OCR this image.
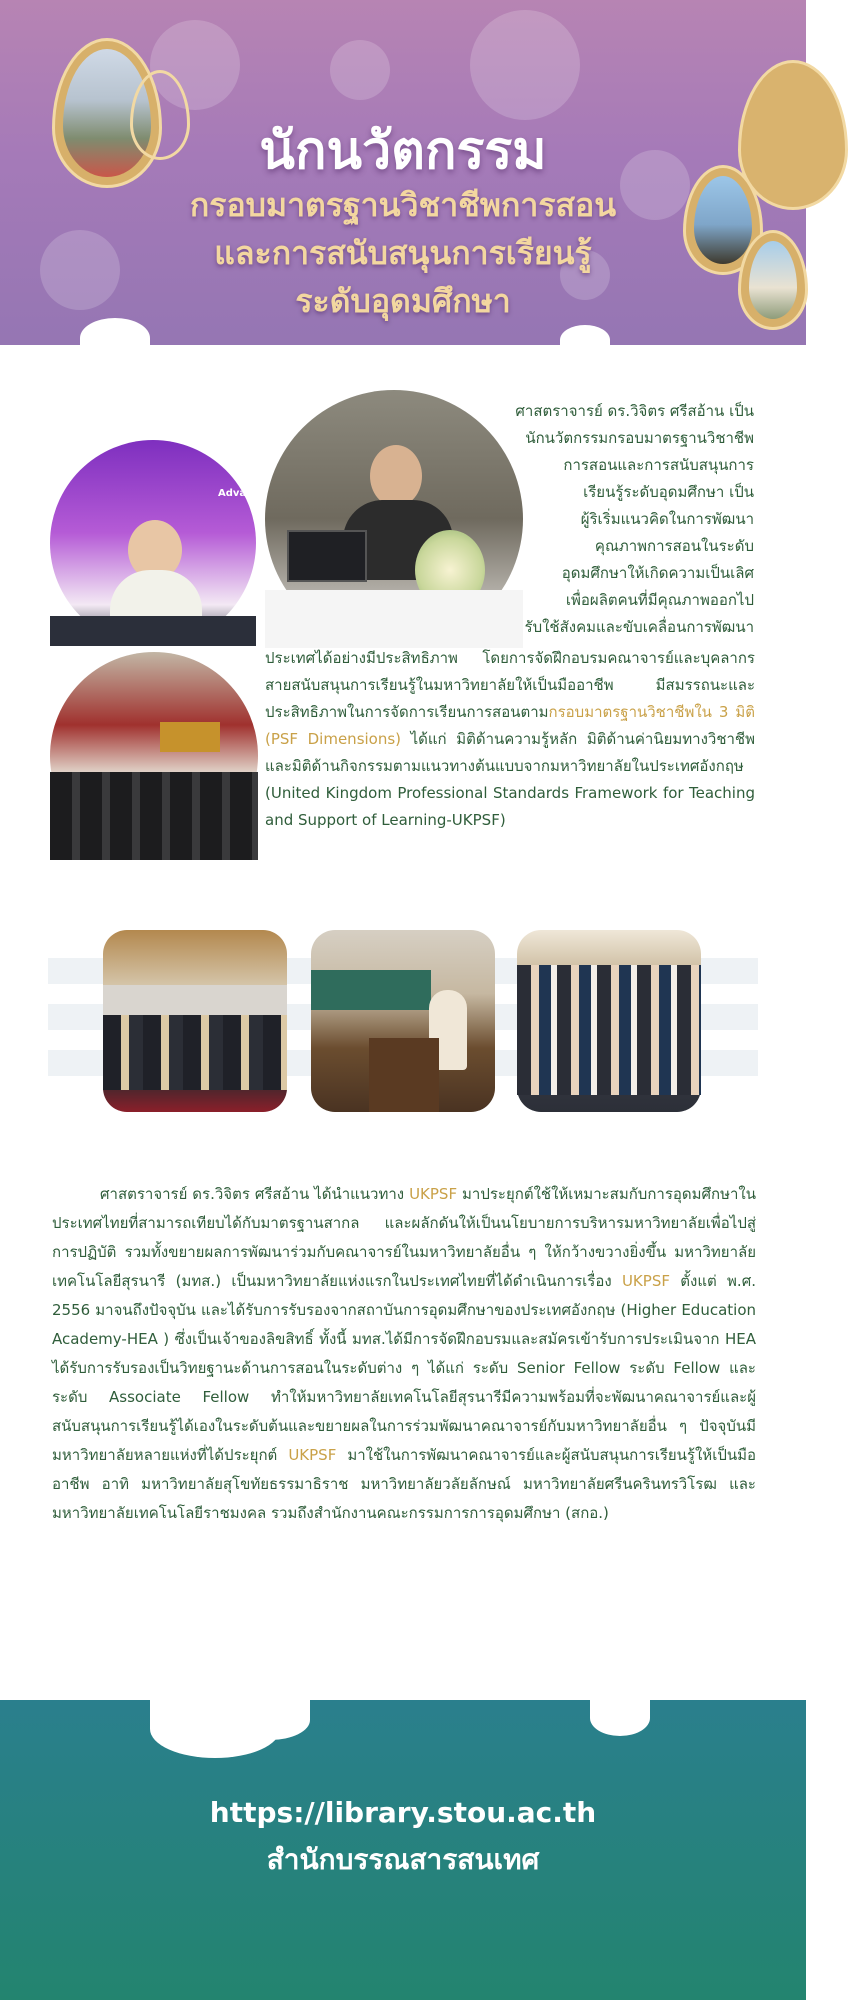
นักนวัตกรรม
กรอบมาตรฐานวิชาชีพการสอน
และการสนับสนุนการเรียนรู้
ระดับอุดมศึกษา
Advance
ศาสตราจารย์ ดร.วิจิตร ศรีสอ้าน เป็น
นักนวัตกรรมกรอบมาตรฐานวิชาชีพ
การสอนและการสนับสนุนการ
เรียนรู้ระดับอุดมศึกษา เป็น
ผู้ริเริ่มแนวคิดในการพัฒนา
คุณภาพการสอนในระดับ
อุดมศึกษาให้เกิดความเป็นเลิศ
เพื่อผลิตคนที่มีคุณภาพออกไป
รับใช้สังคมและขับเคลื่อนการพัฒนา
ประเทศได้อย่างมีประสิทธิภาพ โดยการจัดฝึกอบรมคณาจารย์และบุคลากรสายสนับสนุนการเรียนรู้ในมหาวิทยาลัยให้เป็นมืออาชีพ มีสมรรถนะและประสิทธิภาพในการจัดการเรียนการสอนตามกรอบมาตรฐานวิชาชีพใน 3 มิติ (PSF Dimensions) ได้แก่ มิติด้านความรู้หลัก มิติด้านค่านิยมทางวิชาชีพ และมิติด้านกิจกรรมตามแนวทางต้นแบบจากมหาวิทยาลัยในประเทศอังกฤษ (United Kingdom Professional Standards Framework for Teaching and Support of Learning-UKPSF)
ศาสตราจารย์ ดร.วิจิตร ศรีสอ้าน ได้นำแนวทาง UKPSF มาประยุกต์ใช้ให้เหมาะสมกับการอุดมศึกษาในประเทศไทยที่สามารถเทียบได้กับมาตรฐานสากล และผลักดันให้เป็นนโยบายการบริหารมหาวิทยาลัยเพื่อไปสู่การปฏิบัติ รวมทั้งขยายผลการพัฒนาร่วมกับคณาจารย์ในมหาวิทยาลัยอื่น ๆ ให้กว้างขวางยิ่งขึ้น มหาวิทยาลัยเทคโนโลยีสุรนารี (มทส.) เป็นมหาวิทยาลัยแห่งแรกในประเทศไทยที่ได้ดำเนินการเรื่อง UKPSF ตั้งแต่ พ.ศ. 2556 มาจนถึงปัจจุบัน และได้รับการรับรองจากสถาบันการอุดมศึกษาของประเทศอังกฤษ (Higher Education Academy-HEA ) ซึ่งเป็นเจ้าของลิขสิทธิ์ ทั้งนี้ มทส.ได้มีการจัดฝึกอบรมและสมัครเข้ารับการประเมินจาก HEA ได้รับการรับรองเป็นวิทยฐานะด้านการสอนในระดับต่าง ๆ ได้แก่ ระดับ Senior Fellow ระดับ Fellow และระดับ Associate Fellow ทำให้มหาวิทยาลัยเทคโนโลยีสุรนารีมีความพร้อมที่จะพัฒนาคณาจารย์และผู้สนับสนุนการเรียนรู้ได้เองในระดับต้นและขยายผลในการร่วมพัฒนาคณาจารย์กับมหาวิทยาลัยอื่น ๆ ปัจจุบันมีมหาวิทยาลัยหลายแห่งที่ได้ประยุกต์ UKPSF มาใช้ในการพัฒนาคณาจารย์และผู้สนับสนุนการเรียนรู้ให้เป็นมืออาชีพ อาทิ มหาวิทยาลัยสุโขทัยธรรมาธิราช มหาวิทยาลัยวลัยลักษณ์ มหาวิทยาลัยศรีนครินทรวิโรฒ และมหาวิทยาลัยเทคโนโลยีราชมงคล รวมถึงสำนักงานคณะกรรมการการอุดมศึกษา (สกอ.)
https://library.stou.ac.th
สำนักบรรณสารสนเทศ
